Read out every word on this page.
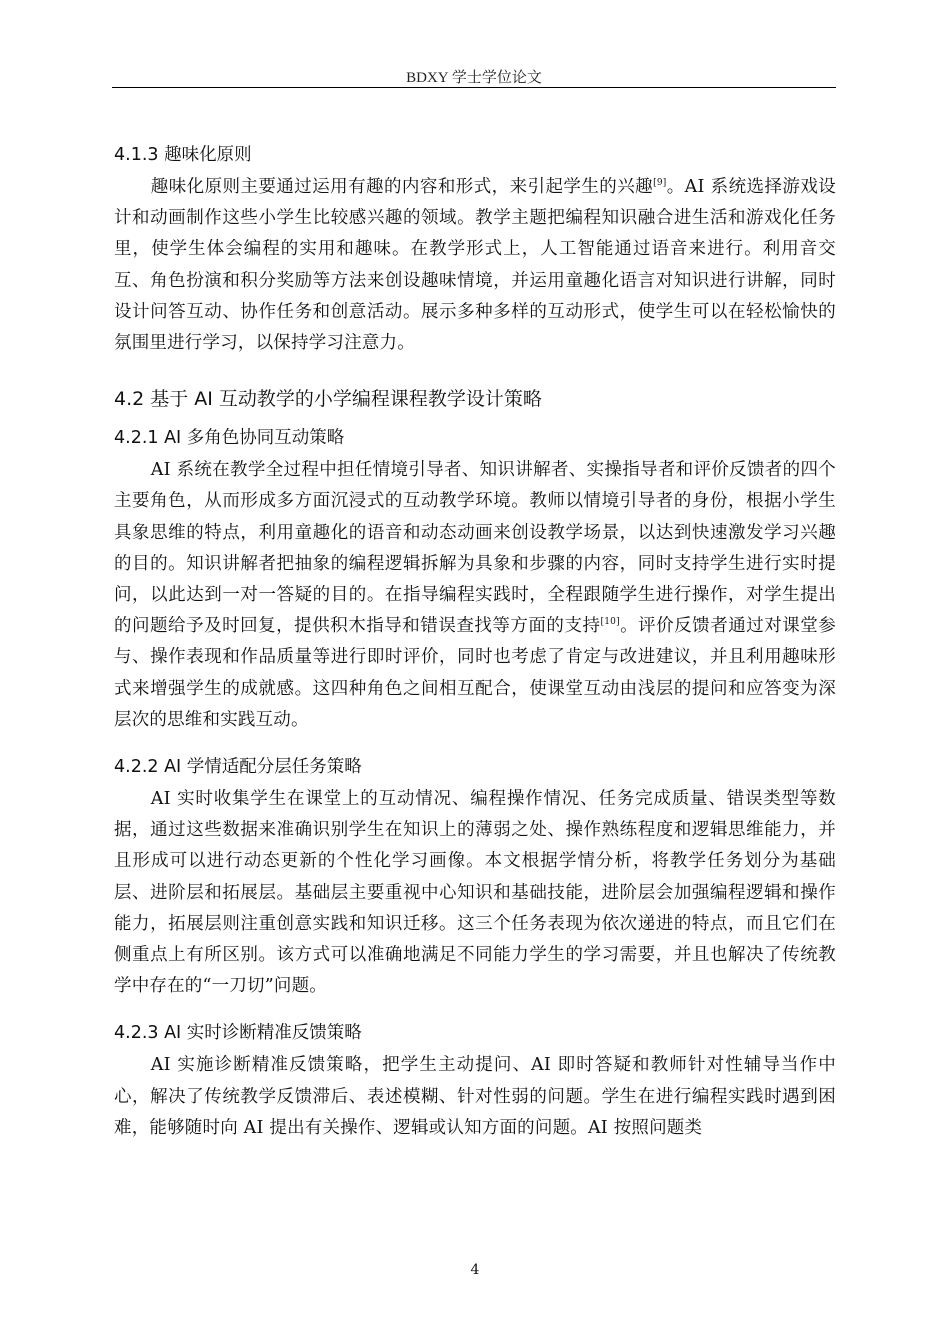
BDXY 学士学位论文
4.1.3 趣味化原则

趣味化原则主要通过运用有趣的内容和形式，来引起学生的兴趣[9]。AI 系统选择游戏设计和动画制作这些小学生比较感兴趣的领域。教学主题把编程知识融合进生活和游戏化任务里，使学生体会编程的实用和趣味。在教学形式上，人工智能通过语音来进行。利用音交互、角色扮演和积分奖励等方法来创设趣味情境，并运用童趣化语言对知识进行讲解，同时设计问答互动、协作任务和创意活动。展示多种多样的互动形式，使学生可以在轻松愉快的氛围里进行学习，以保持学习注意力。

4.2 基于 AI 互动教学的小学编程课程教学设计策略
4.2.1 AI 多角色协同互动策略

AI 系统在教学全过程中担任情境引导者、知识讲解者、实操指导者和评价反馈者的四个主要角色，从而形成多方面沉浸式的互动教学环境。教师以情境引导者的身份，根据小学生具象思维的特点，利用童趣化的语音和动态动画来创设教学场景，以达到快速激发学习兴趣的目的。知识讲解者把抽象的编程逻辑拆解为具象和步骤的内容，同时支持学生进行实时提问，以此达到一对一答疑的目的。在指导编程实践时，全程跟随学生进行操作，对学生提出的问题给予及时回复，提供积木指导和错误查找等方面的支持[10]。评价反馈者通过对课堂参与、操作表现和作品质量等进行即时评价，同时也考虑了肯定与改进建议，并且利用趣味形式来增强学生的成就感。这四种角色之间相互配合，使课堂互动由浅层的提问和应答变为深层次的思维和实践互动。

4.2.2 AI 学情适配分层任务策略

AI 实时收集学生在课堂上的互动情况、编程操作情况、任务完成质量、错误类型等数据，通过这些数据来准确识别学生在知识上的薄弱之处、操作熟练程度和逻辑思维能力，并且形成可以进行动态更新的个性化学习画像。本文根据学情分析，将教学任务划分为基础层、进阶层和拓展层。基础层主要重视中心知识和基础技能，进阶层会加强编程逻辑和操作能力，拓展层则注重创意实践和知识迁移。这三个任务表现为依次递进的特点，而且它们在侧重点上有所区别。该方式可以准确地满足不同能力学生的学习需要，并且也解决了传统教学中存在的“一刀切”问题。

4.2.3 AI 实时诊断精准反馈策略

AI 实施诊断精准反馈策略，把学生主动提问、AI 即时答疑和教师针对性辅导当作中心，解决了传统教学反馈滞后、表述模糊、针对性弱的问题。学生在进行编程实践时遇到困难，能够随时向 AI 提出有关操作、逻辑或认知方面的问题。AI 按照问题类

4
